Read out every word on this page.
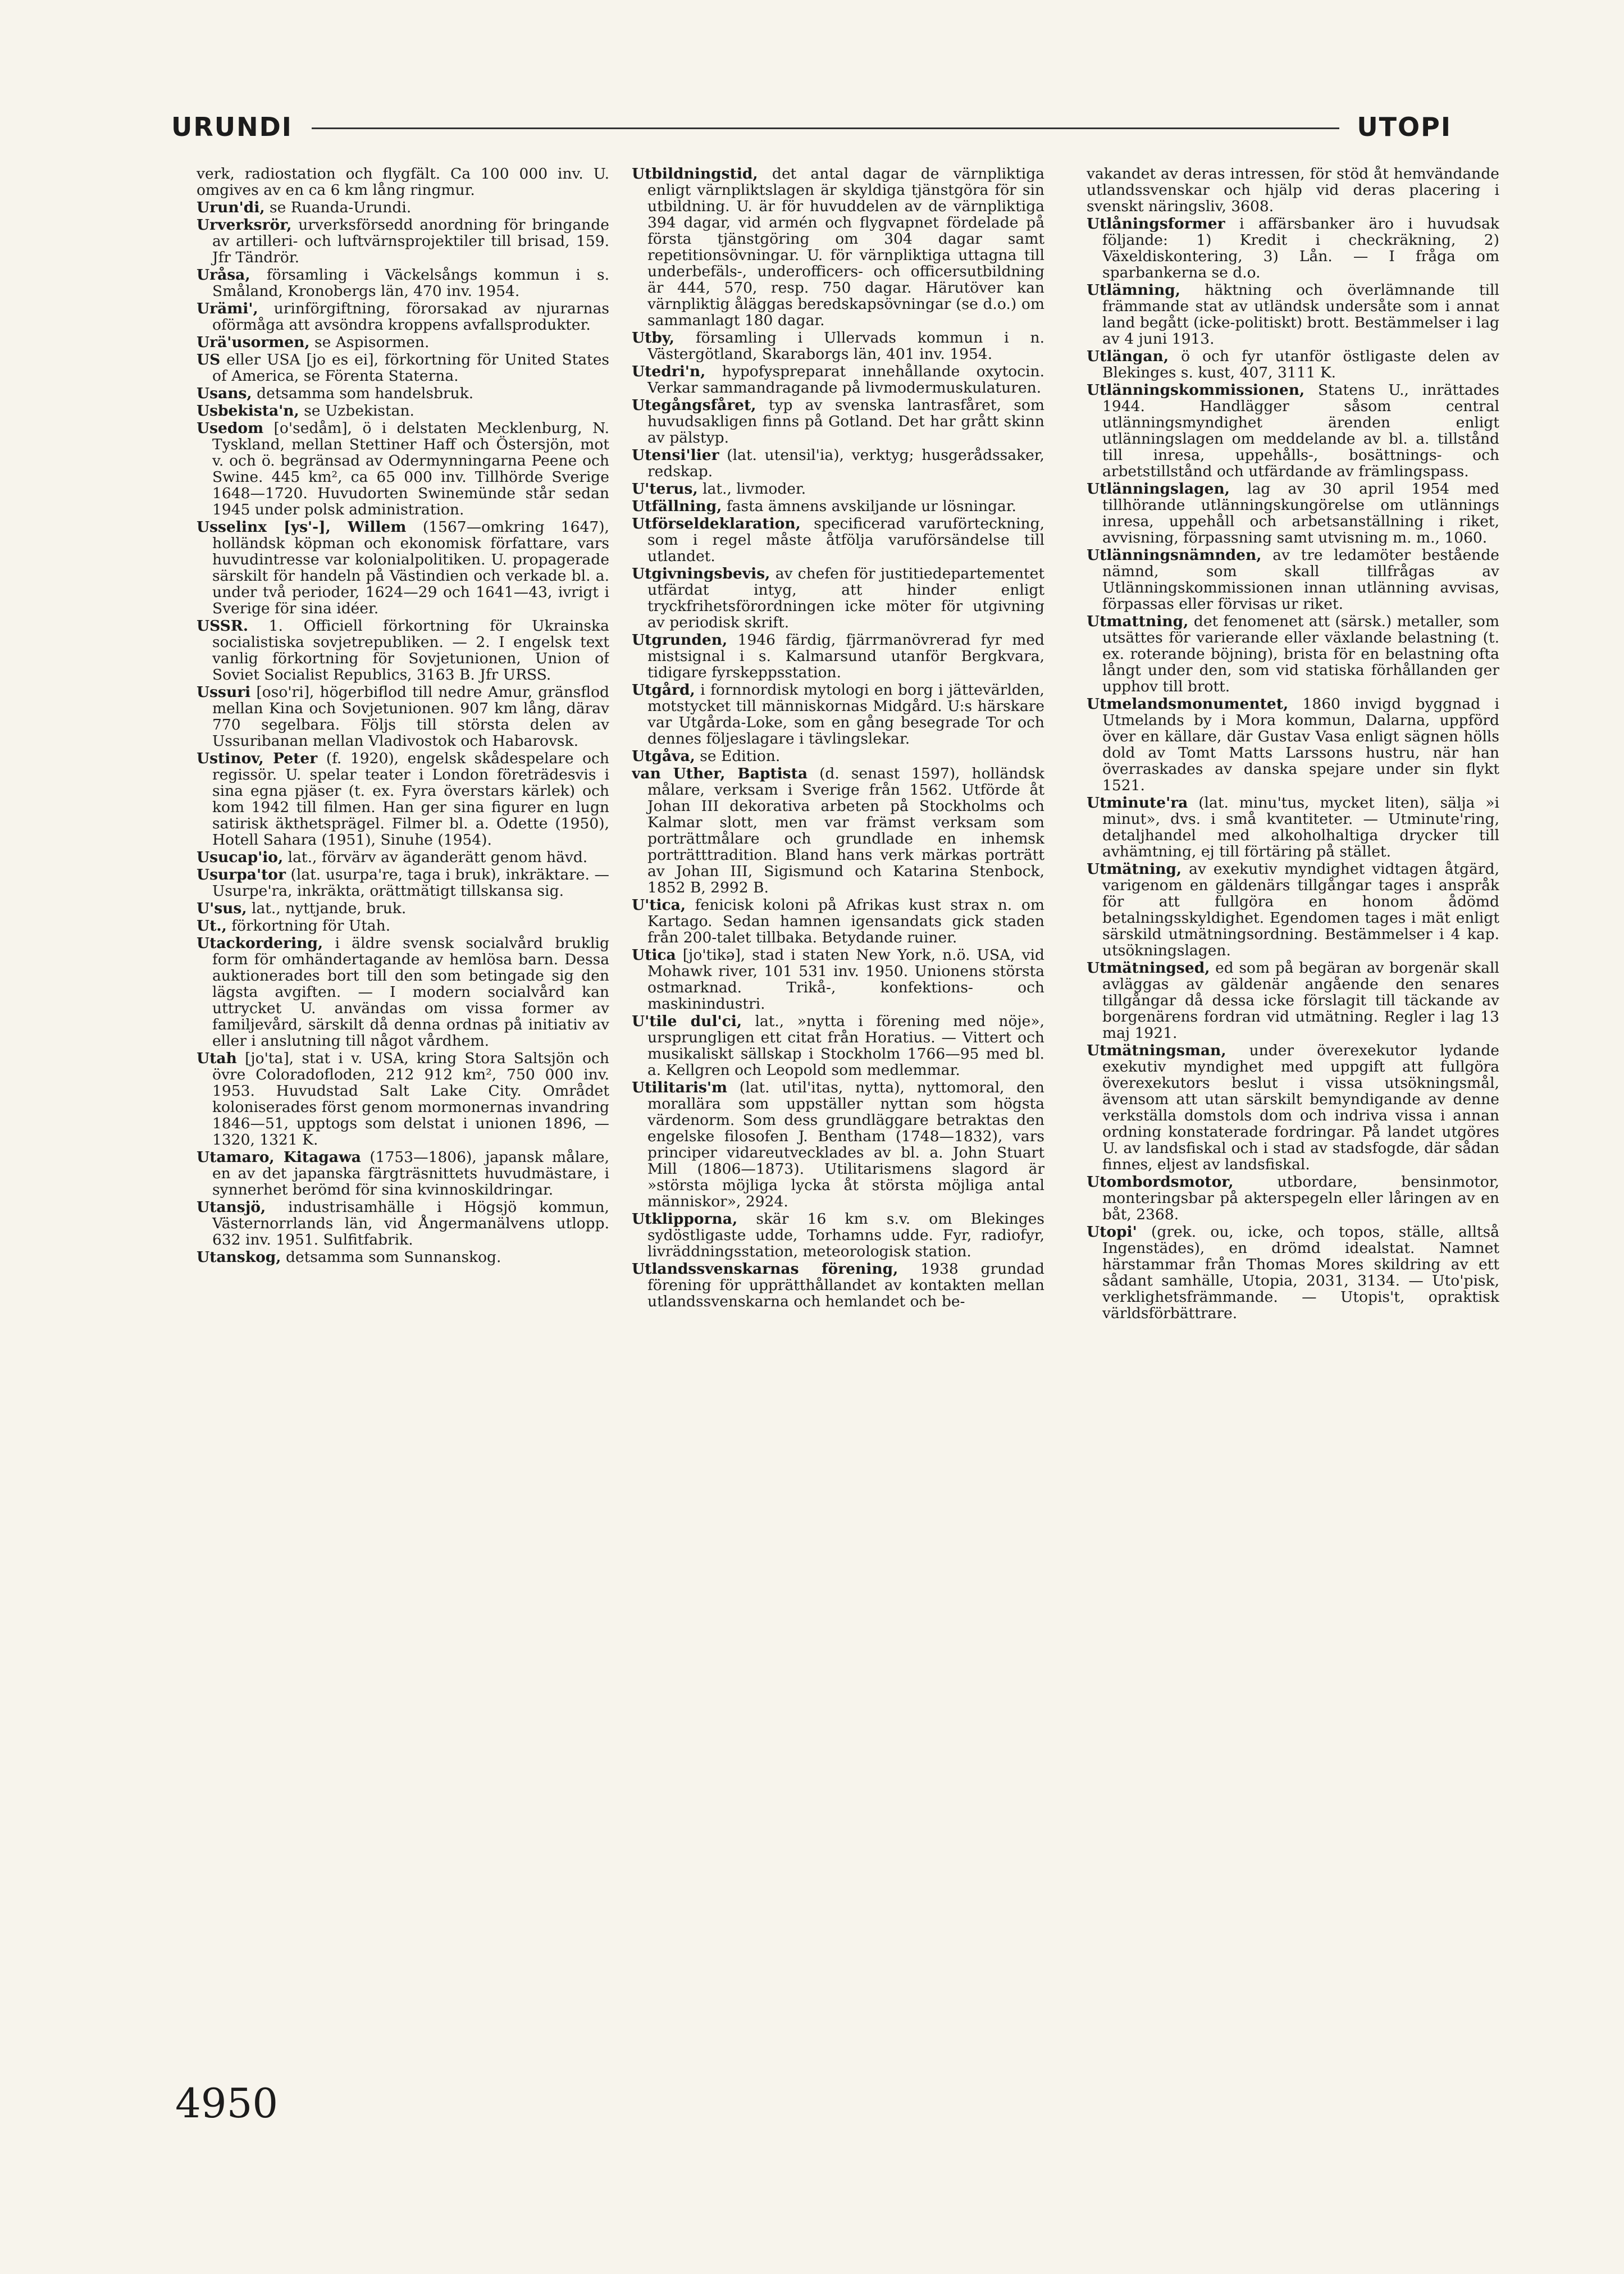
URUNDI	UTOPI

verk, radiostation och flygfält. Ca 100 000 inv. U. omgives av en ca 6 km lång ringmur.

Urun'di, se Ruanda-Urundi.

Urverksrör, urverksförsedd anordning för bringande av artilleri- och luftvärnsprojektiler till brisad, 159. Jfr Tändrör.

Uråsa, församling i Väckelsångs kommun i s. Småland, Kronobergs län, 470 inv. 1954.

Urämi', urinförgiftning, förorsakad av njurarnas oförmåga att avsöndra kroppens avfallsprodukter.

Urä'usormen, se Aspisormen.

US eller USA [jo es ei], förkortning för United States of America, se Förenta Staterna.

Usans, detsamma som handelsbruk.

Usbekista'n, se Uzbekistan.

Usedom [o'sedåm], ö i delstaten Mecklenburg, N. Tyskland, mellan Stettiner Haff och Östersjön, mot v. och ö. begränsad av Odermynningarna Peene och Swine. 445 km², ca 65 000 inv. Tillhörde Sverige 1648—1720. Huvudorten Swinemünde står sedan 1945 under polsk administration.

Usselinx [ys'-], Willem (1567—omkring 1647), holländsk köpman och ekonomisk författare, vars huvudintresse var kolonialpolitiken. U. propagerade särskilt för handeln på Västindien och verkade bl. a. under två perioder, 1624—29 och 1641—43, ivrigt i Sverige för sina idéer.

USSR. 1. Officiell förkortning för Ukrainska socialistiska sovjetrepubliken. — 2. I engelsk text vanlig förkortning för Sovjetunionen, Union of Soviet Socialist Republics, 3163 B. Jfr URSS.

Ussuri [oso'ri], högerbiflod till nedre Amur, gränsflod mellan Kina och Sovjetunionen. 907 km lång, därav 770 segelbara. Följs till största delen av Ussuribanan mellan Vladivostok och Habarovsk.

Ustinov, Peter (f. 1920), engelsk skådespelare och regissör. U. spelar teater i London företrädesvis i sina egna pjäser (t. ex. Fyra överstars kärlek) och kom 1942 till filmen. Han ger sina figurer en lugn satirisk äkthetsprägel. Filmer bl. a. Odette (1950), Hotell Sahara (1951), Sinuhe (1954).

Usucap'io, lat., förvärv av äganderätt genom hävd.

Usurpa'tor (lat. usurpa're, taga i bruk), inkräktare. — Usurpe'ra, inkräkta, orättmätigt tillskansa sig.

U'sus, lat., nyttjande, bruk.

Ut., förkortning för Utah.

Utackordering, i äldre svensk socialvård bruklig form för omhändertagande av hemlösa barn. Dessa auktionerades bort till den som betingade sig den lägsta avgiften. — I modern socialvård kan uttrycket U. användas om vissa former av familjevård, särskilt då denna ordnas på initiativ av eller i anslutning till något vårdhem.

Utah [jo'ta], stat i v. USA, kring Stora Saltsjön och övre Coloradofloden, 212 912 km², 750 000 inv. 1953. Huvudstad Salt Lake City. Området koloniserades först genom mormonernas invandring 1846—51, upptogs som delstat i unionen 1896, — 1320, 1321 K.

Utamaro, Kitagawa (1753—1806), japansk målare, en av det japanska färgträsnittets huvudmästare, i synnerhet berömd för sina kvinnoskildringar.

Utansjö, industrisamhälle i Högsjö kommun, Västernorrlands län, vid Ångermanälvens utlopp. 632 inv. 1951. Sulfitfabrik.

Utanskog, detsamma som Sunnanskog.

Utbildningstid, det antal dagar de värnpliktiga enligt värnpliktslagen är skyldiga tjänstgöra för sin utbildning. U. är för huvuddelen av de värnpliktiga 394 dagar, vid armén och flygvapnet fördelade på första tjänstgöring om 304 dagar samt repetitionsövningar. U. för värnpliktiga uttagna till underbefäls-, underofficers- och officersutbildning är 444, 570, resp. 750 dagar. Härutöver kan värnpliktig åläggas beredskapsövningar (se d.o.) om sammanlagt 180 dagar.

Utby, församling i Ullervads kommun i n. Västergötland, Skaraborgs län, 401 inv. 1954.

Utedri'n, hypofyspreparat innehållande oxytocin. Verkar sammandragande på livmodermuskulaturen.

Utegångsfåret, typ av svenska lantrasfåret, som huvudsakligen finns på Gotland. Det har grått skinn av pälstyp.

Utensi'lier (lat. utensil'ia), verktyg; husgerådssaker, redskap.

U'terus, lat., livmoder.

Utfällning, fasta ämnens avskiljande ur lösningar.

Utförseldeklaration, specificerad varuförteckning, som i regel måste åtfölja varuförsändelse till utlandet.

Utgivningsbevis, av chefen för justitiedepartementet utfärdat intyg, att hinder enligt tryckfrihetsförordningen icke möter för utgivning av periodisk skrift.

Utgrunden, 1946 färdig, fjärrmanövrerad fyr med mistsignal i s. Kalmarsund utanför Bergkvara, tidigare fyrskeppsstation.

Utgård, i fornnordisk mytologi en borg i jättevärlden, motstycket till människornas Midgård. U:s härskare var Utgårda-Loke, som en gång besegrade Tor och dennes följeslagare i tävlingslekar.

Utgåva, se Edition.

van Uther, Baptista (d. senast 1597), holländsk målare, verksam i Sverige från 1562. Utförde åt Johan III dekorativa arbeten på Stockholms och Kalmar slott, men var främst verksam som porträttmålare och grundlade en inhemsk porträtttradition. Bland hans verk märkas porträtt av Johan III, Sigismund och Katarina Stenbock, 1852 B, 2992 B.

U'tica, fenicisk koloni på Afrikas kust strax n. om Kartago. Sedan hamnen igensandats gick staden från 200-talet tillbaka. Betydande ruiner.

Utica [jo'tikə], stad i staten New York, n.ö. USA, vid Mohawk river, 101 531 inv. 1950. Unionens största ostmarknad. Trikå-, konfektions- och maskinindustri.

U'tile dul'ci, lat., »nytta i förening med nöje», ursprungligen ett citat från Horatius. — Vittert och musikaliskt sällskap i Stockholm 1766—95 med bl. a. Kellgren och Leopold som medlemmar.

Utilitaris'm (lat. util'itas, nytta), nyttomoral, den morallära som uppställer nyttan som högsta värdenorm. Som dess grundläggare betraktas den engelske filosofen J. Bentham (1748—1832), vars principer vidareutvecklades av bl. a. John Stuart Mill (1806—1873). Utilitarismens slagord är »största möjliga lycka åt största möjliga antal människor», 2924.

Utklipporna, skär 16 km s.v. om Blekinges sydöstligaste udde, Torhamns udde. Fyr, radiofyr, livräddningsstation, meteorologisk station.

Utlandssvenskarnas förening, 1938 grundad förening för upprätthållandet av kontakten mellan utlandssvenskarna och hemlandet och be-

vakandet av deras intressen, för stöd åt hemvändande utlandssvenskar och hjälp vid deras placering i svenskt näringsliv, 3608.

Utlåningsformer i affärsbanker äro i huvudsak följande: 1) Kredit i checkräkning, 2) Växeldiskontering, 3) Lån. — I fråga om sparbankerna se d.o.

Utlämning, häktning och överlämnande till främmande stat av utländsk undersåte som i annat land begått (icke-politiskt) brott. Bestämmelser i lag av 4 juni 1913.

Utlängan, ö och fyr utanför östligaste delen av Blekinges s. kust, 407, 3111 K.

Utlänningskommissionen, Statens U., inrättades 1944. Handlägger såsom central utlänningsmyndighet ärenden enligt utlänningslagen om meddelande av bl. a. tillstånd till inresa, uppehålls-, bosättnings- och arbetstillstånd och utfärdande av främlingspass.

Utlänningslagen, lag av 30 april 1954 med tillhörande utlänningskungörelse om utlännings inresa, uppehåll och arbetsanställning i riket, avvisning, förpassning samt utvisning m. m., 1060.

Utlänningsnämnden, av tre ledamöter bestående nämnd, som skall tillfrågas av Utlänningskommissionen innan utlänning avvisas, förpassas eller förvisas ur riket.

Utmattning, det fenomenet att (särsk.) metaller, som utsättes för varierande eller växlande belastning (t. ex. roterande böjning), brista för en belastning ofta långt under den, som vid statiska förhållanden ger upphov till brott.

Utmelandsmonumentet, 1860 invigd byggnad i Utmelands by i Mora kommun, Dalarna, uppförd över en källare, där Gustav Vasa enligt sägnen hölls dold av Tomt Matts Larssons hustru, när han överraskades av danska spejare under sin flykt 1521.

Utminute'ra (lat. minu'tus, mycket liten), sälja »i minut», dvs. i små kvantiteter. — Utminute'ring, detaljhandel med alkoholhaltiga drycker till avhämtning, ej till förtäring på stället.

Utmätning, av exekutiv myndighet vidtagen åtgärd, varigenom en gäldenärs tillgångar tages i anspråk för att fullgöra en honom ådömd betalningsskyldighet. Egendomen tages i mät enligt särskild utmätningsordning. Bestämmelser i 4 kap. utsökningslagen.

Utmätningsed, ed som på begäran av borgenär skall avläggas av gäldenär angående den senares tillgångar då dessa icke förslagit till täckande av borgenärens fordran vid utmätning. Regler i lag 13 maj 1921.

Utmätningsman, under överexekutor lydande exekutiv myndighet med uppgift att fullgöra överexekutors beslut i vissa utsökningsmål, ävensom att utan särskilt bemyndigande av denne verkställa domstols dom och indriva vissa i annan ordning konstaterade fordringar. På landet utgöres U. av landsfiskal och i stad av stadsfogde, där sådan finnes, eljest av landsfiskal.

Utombordsmotor,	utbordare, bensinmotor, monteringsbar på akterspegeln eller låringen av en båt, 2368.

Utopi' (grek. ou, icke, och topos, ställe, alltså Ingenstädes), en drömd idealstat. Namnet härstammar från Thomas Mores skildring av ett sådant samhälle, Utopia, 2031, 3134. — Uto'pisk, verklighetsfrämmande. — Utopis't, opraktisk världsförbättrare.

4950
